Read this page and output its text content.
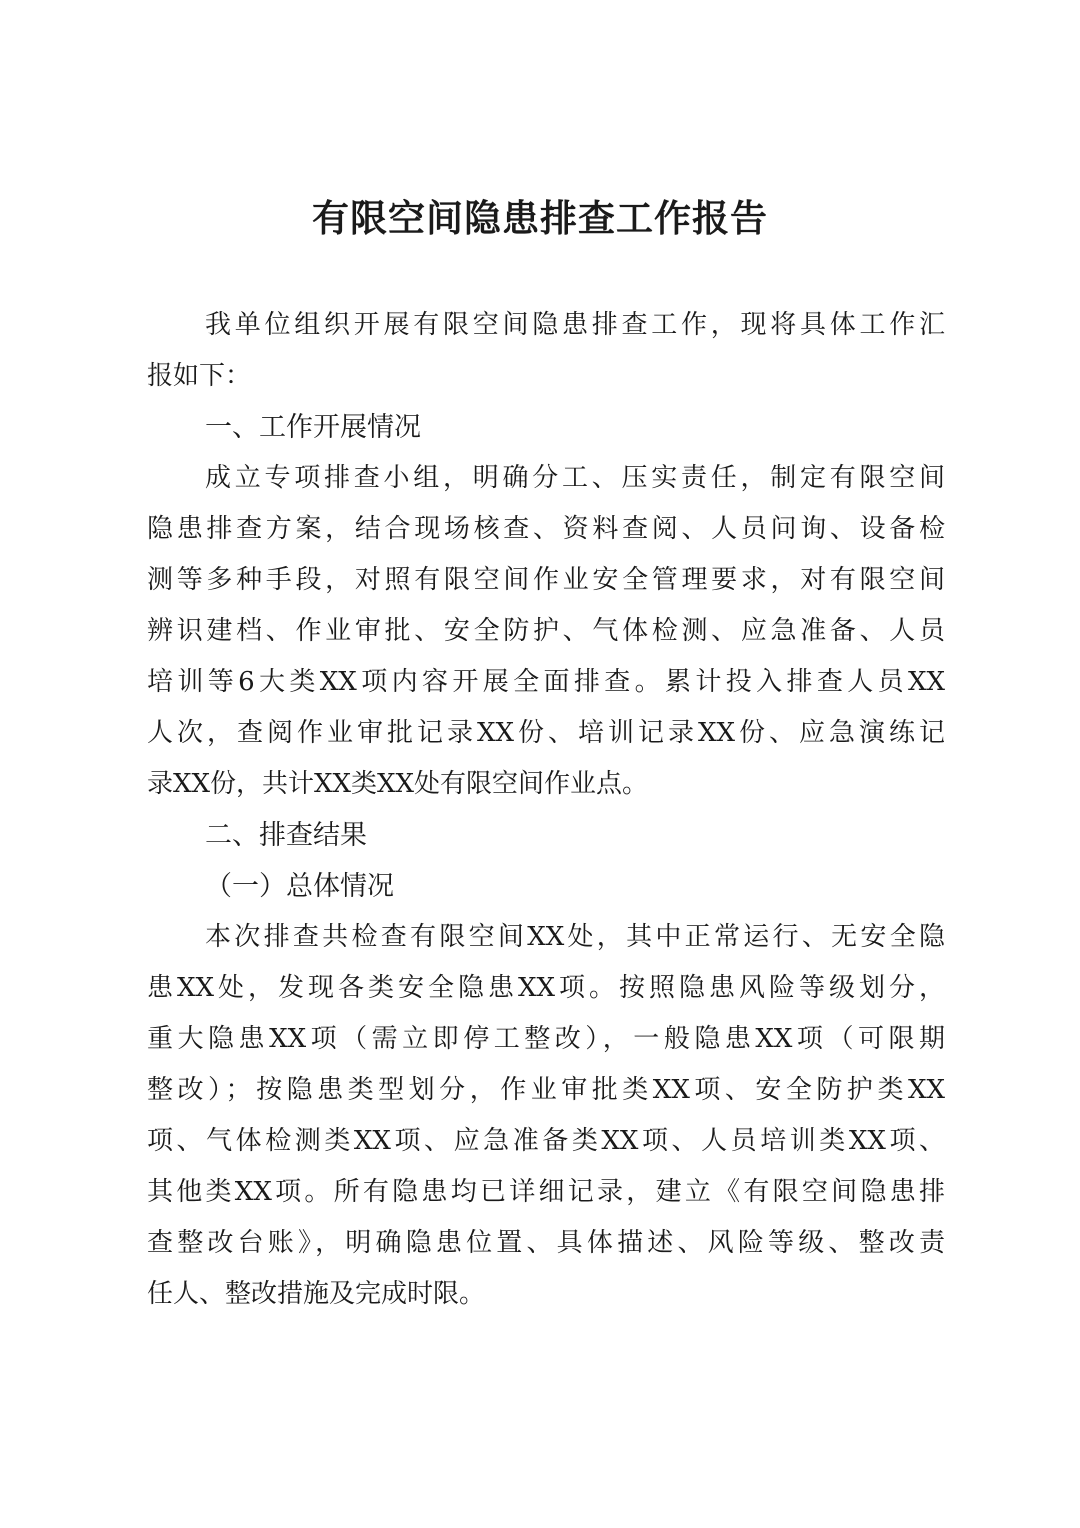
有限空间隐患排查工作报告
我单位组织开展有限空间隐患排查工作，现将具体工作汇
报如下：
一、工作开展情况
成立专项排查小组，明确分工、压实责任，制定有限空间
隐患排查方案，结合现场核查、资料查阅、人员问询、设备检
测等多种手段，对照有限空间作业安全管理要求，对有限空间
辨识建档、作业审批、安全防护、气体检测、应急准备、人员
培训等6大类XX项内容开展全面排查。累计投入排查人员XX
人次，查阅作业审批记录XX份、培训记录XX份、应急演练记
录XX份，共计XX类XX处有限空间作业点。
二、排查结果
（一）总体情况
本次排查共检查有限空间XX处，其中正常运行、无安全隐
患XX处，发现各类安全隐患XX项。按照隐患风险等级划分，
重大隐患XX项（需立即停工整改），一般隐患XX项（可限期
整改）；按隐患类型划分，作业审批类XX项、安全防护类XX
项、气体检测类XX项、应急准备类XX项、人员培训类XX项、
其他类XX项。所有隐患均已详细记录，建立《有限空间隐患排
查整改台账》，明确隐患位置、具体描述、风险等级、整改责
任人、整改措施及完成时限。
